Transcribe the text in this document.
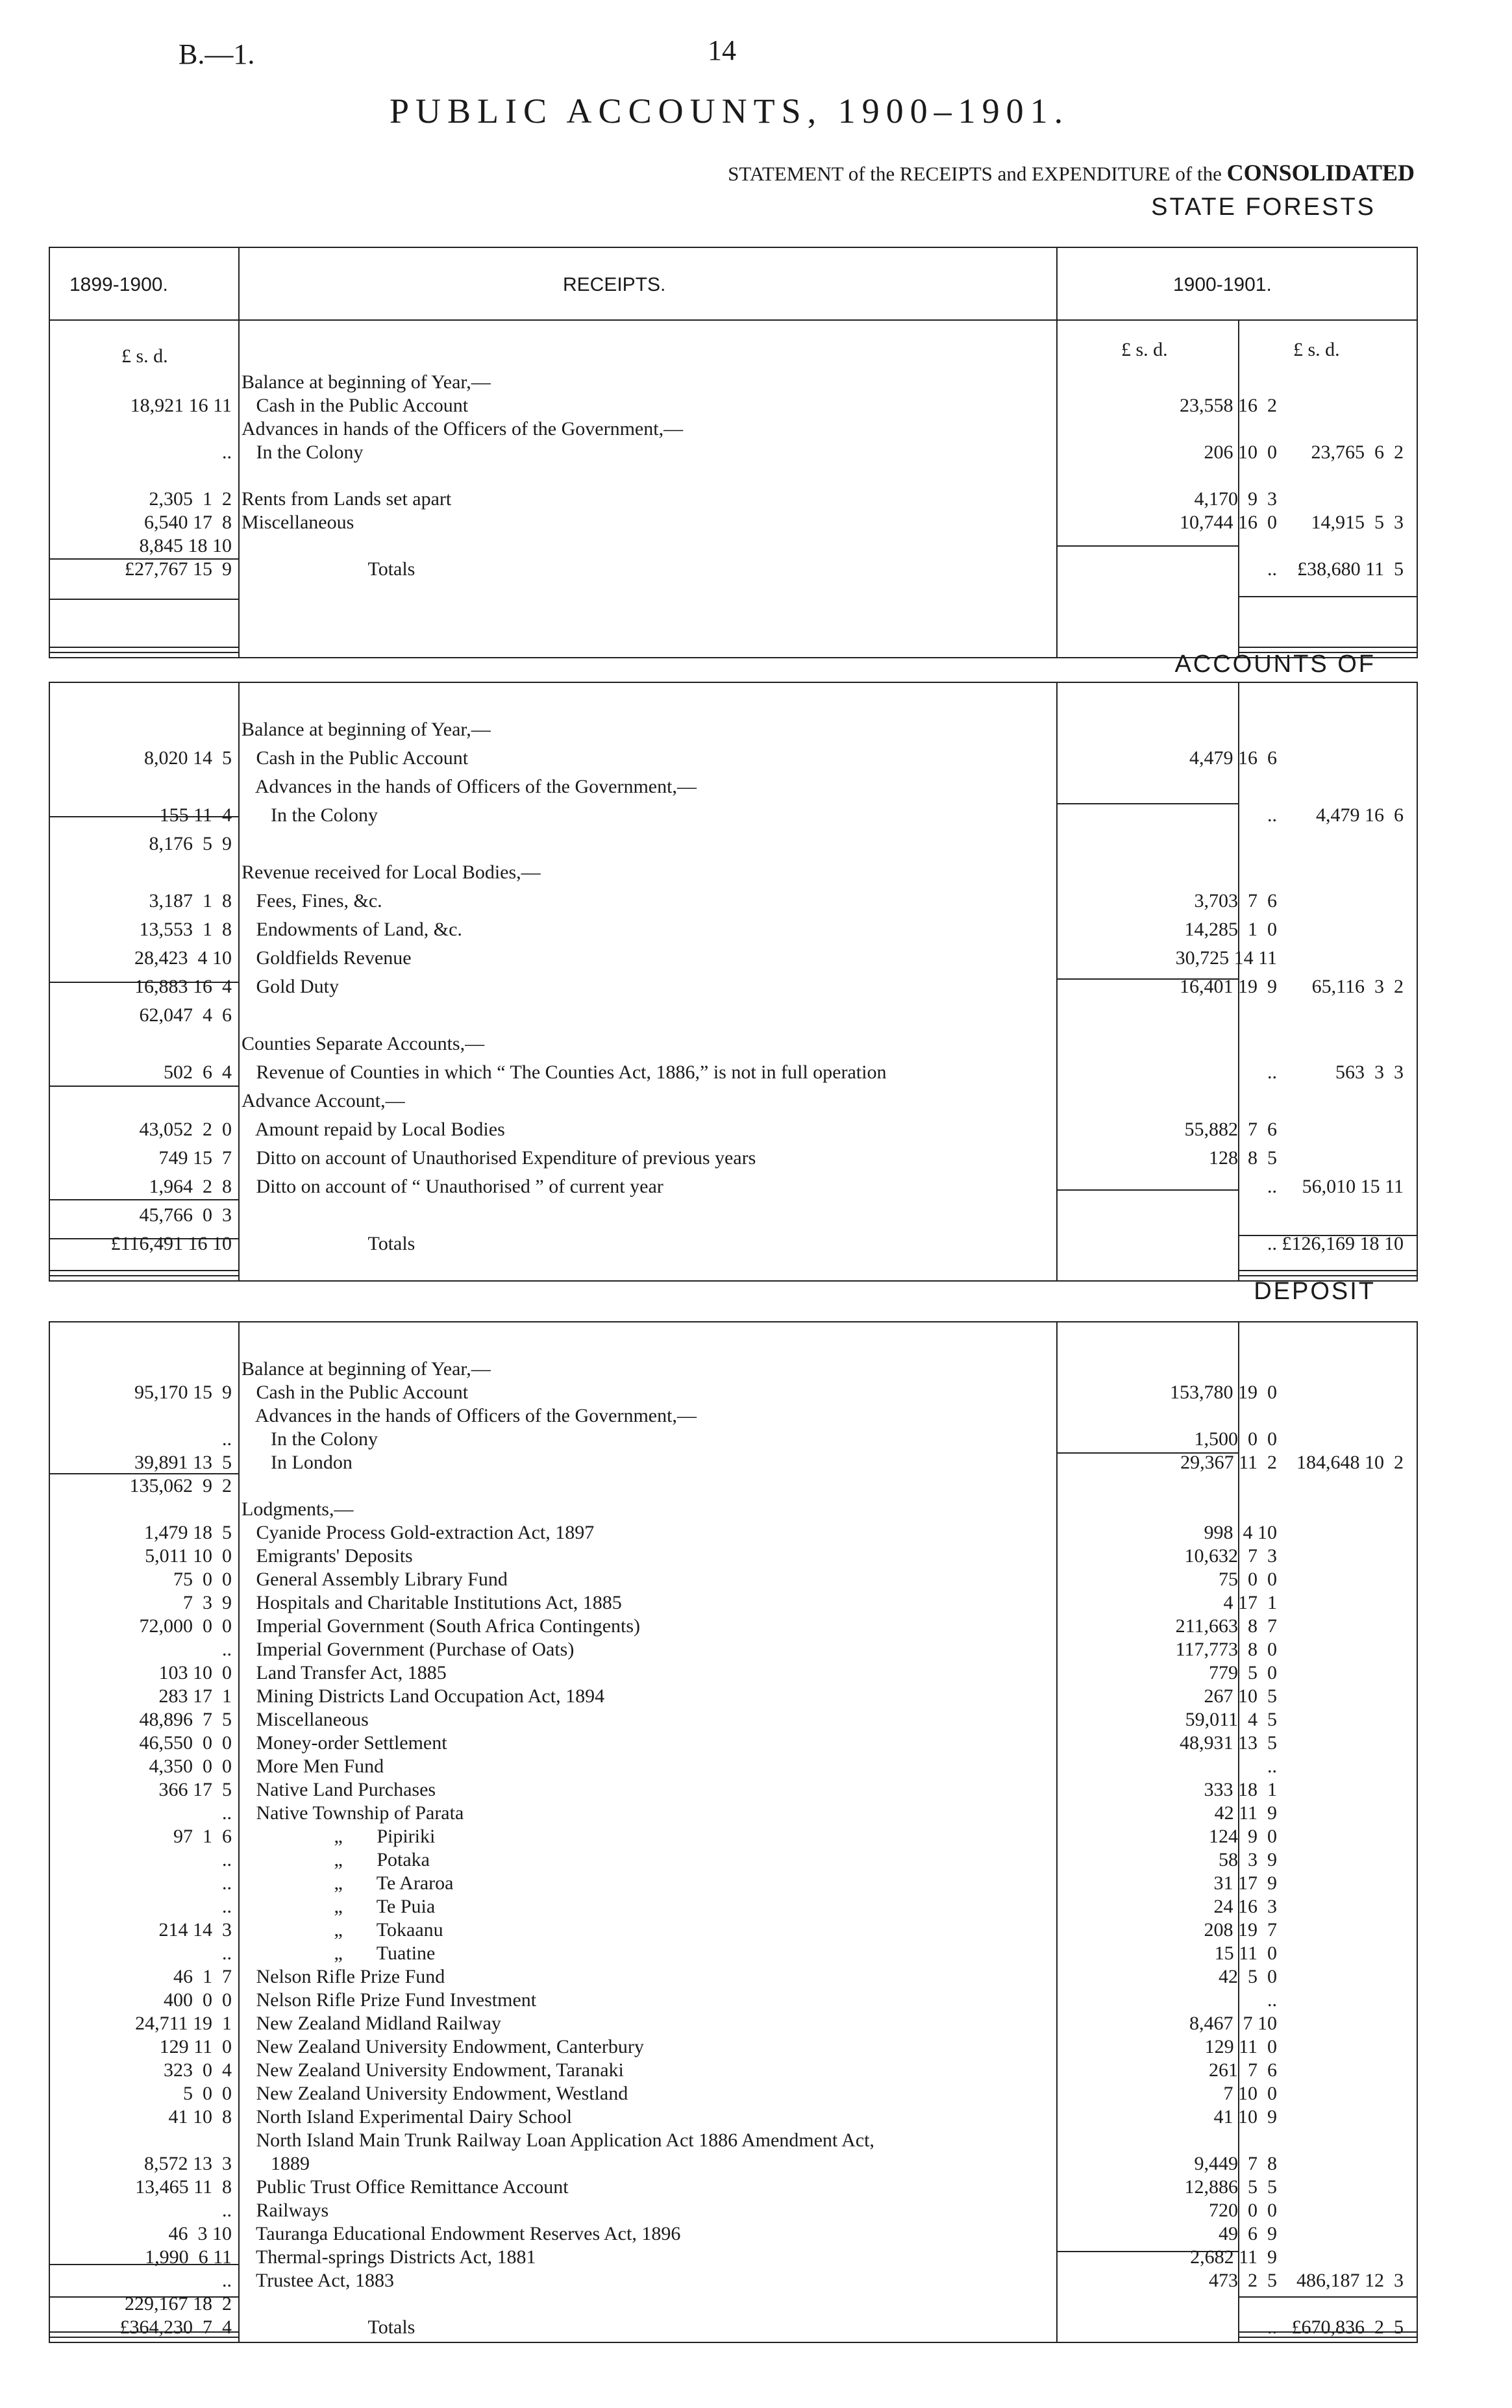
B.—1.	14
PUBLIC ACCOUNTS, 1900–1901.
STATEMENT of the RECEIPTS and EXPENDITURE of the CONSOLIDATED
STATE FORESTS
1899-1900.	RECEIPTS.	1900-1901.
£ s. d.	£ s. d.	£ s. d.
Balance at beginning of Year,—
18,921 16 11 Cash in the Public Account	23,558 16  2
Advances in hands of the Officers of the Government,—
.. In the Colony	206 10  0	23,765  6  2
2,305  1  2 Rents from Lands set apart	4,170  9  3
6,540 17  8 Miscellaneous	10,744 16  0	14,915  5  3
8,845 18 10
£27,767 15  9 Totals	..	£38,680 11  5
ACCOUNTS OF
Balance at beginning of Year,—
8,020 14  5 Cash in the Public Account	4,479 16  6
Advances in the hands of Officers of the Government,—
155 11  4 In the Colony	..	4,479 16  6
8,176  5  9
Revenue received for Local Bodies,—
3,187  1  8 Fees, Fines, &c.	3,703  7  6
13,553  1  8 Endowments of Land, &c.	14,285  1  0
28,423  4 10 Goldfields Revenue	30,725 14 11
16,883 16  4 Gold Duty	16,401 19  9	65,116  3  2
62,047  4  6
Counties Separate Accounts,—
502  6  4 Revenue of Counties in which “ The Counties Act, 1886,” is not in full operation	..	563  3  3
Advance Account,—
43,052  2  0 Amount repaid by Local Bodies	55,882  7  6
749 15  7 Ditto on account of Unauthorised Expenditure of previous years	128  8  5
1,964  2  8 Ditto on account of “ Unauthorised ” of current year	..	56,010 15 11
45,766  0  3
£116,491 16 10 Totals	.. £126,169 18 10
DEPOSIT
Balance at beginning of Year,—
95,170 15  9 Cash in the Public Account	153,780 19  0
Advances in the hands of Officers of the Government,—
.. In the Colony	1,500  0  0
39,891 13  5 In London	29,367 11  2	184,648 10  2
135,062  9  2
Lodgments,—
1,479 18  5 Cyanide Process Gold-extraction Act, 1897	998  4 10
5,011 10  0 Emigrants' Deposits	10,632  7  3
75  0  0 General Assembly Library Fund	75  0  0
7  3  9 Hospitals and Charitable Institutions Act, 1885	4 17  1
72,000  0  0 Imperial Government (South Africa Contingents)	211,663  8  7
.. Imperial Government (Purchase of Oats)	117,773  8  0
103 10  0 Land Transfer Act, 1885	779  5  0
283 17  1 Mining Districts Land Occupation Act, 1894	267 10  5
48,896  7  5 Miscellaneous	59,011  4  5
46,550  0  0 Money-order Settlement	48,931 13  5
4,350  0  0 More Men Fund	..
366 17  5 Native Land Purchases	333 18  1
.. Native Township of Parata	42 11  9
97  1  6 „       Pipiriki	124  9  0
.. „       Potaka	58  3  9
.. „       Te Araroa	31 17  9
.. „       Te Puia	24 16  3
214 14  3 „       Tokaanu	208 19  7
.. „       Tuatine	15 11  0
46  1  7 Nelson Rifle Prize Fund	42  5  0
400  0  0 Nelson Rifle Prize Fund Investment	..
24,711 19  1 New Zealand Midland Railway	8,467  7 10
129 11  0 New Zealand University Endowment, Canterbury	129 11  0
323  0  4 New Zealand University Endowment, Taranaki	261  7  6
5  0  0 New Zealand University Endowment, Westland	7 10  0
41 10  8 North Island Experimental Dairy School	41 10  9
North Island Main Trunk Railway Loan Application Act 1886 Amendment Act,
8,572 13  3 1889	9,449  7  8
13,465 11  8 Public Trust Office Remittance Account	12,886  5  5
.. Railways	720  0  0
46  3 10 Tauranga Educational Endowment Reserves Act, 1896	49  6  9
1,990  6 11 Thermal-springs Districts Act, 1881	2,682 11  9
.. Trustee Act, 1883	473  2  5	486,187 12  3
229,167 18  2
£364,230  7  4 Totals	.. £670,836  2  5
